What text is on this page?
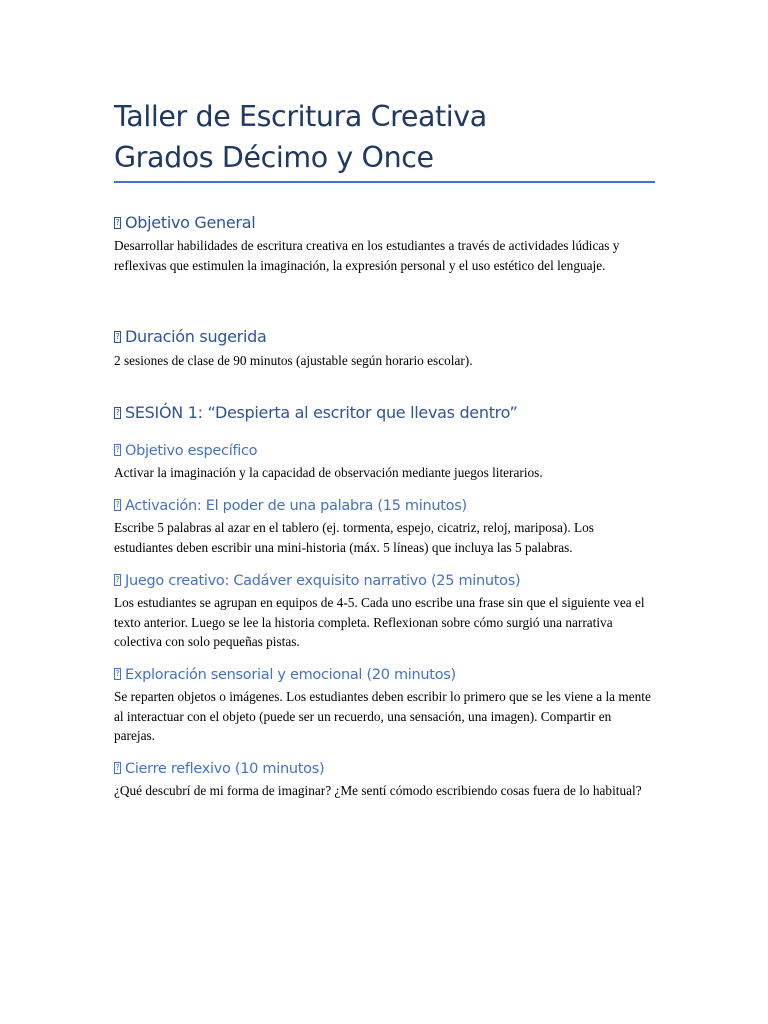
Taller de Escritura Creativa
Grados Décimo y Once
?Objetivo General

Desarrollar habilidades de escritura creativa en los estudiantes a través de actividades lúdicas y reflexivas que estimulen la imaginación, la expresión personal y el uso estético del lenguaje.

?Duración sugerida

2 sesiones de clase de 90 minutos (ajustable según horario escolar).

?SESIÓN 1: “Despierta al escritor que llevas dentro”
?Objetivo específico

Activar la imaginación y la capacidad de observación mediante juegos literarios.

?Activación: El poder de una palabra (15 minutos)

Escribe 5 palabras al azar en el tablero (ej. tormenta, espejo, cicatriz, reloj, mariposa). Los estudiantes deben escribir una mini-historia (máx. 5 líneas) que incluya las 5 palabras.

?Juego creativo: Cadáver exquisito narrativo (25 minutos)

Los estudiantes se agrupan en equipos de 4-5. Cada uno escribe una frase sin que el siguiente vea el texto anterior. Luego se lee la historia completa. Reflexionan sobre cómo surgió una narrativa colectiva con solo pequeñas pistas.

?Exploración sensorial y emocional (20 minutos)

Se reparten objetos o imágenes. Los estudiantes deben escribir lo primero que se les viene a la mente al interactuar con el objeto (puede ser un recuerdo, una sensación, una imagen). Compartir en parejas.

?Cierre reflexivo (10 minutos)

¿Qué descubrí de mi forma de imaginar? ¿Me sentí cómodo escribiendo cosas fuera de lo habitual?
